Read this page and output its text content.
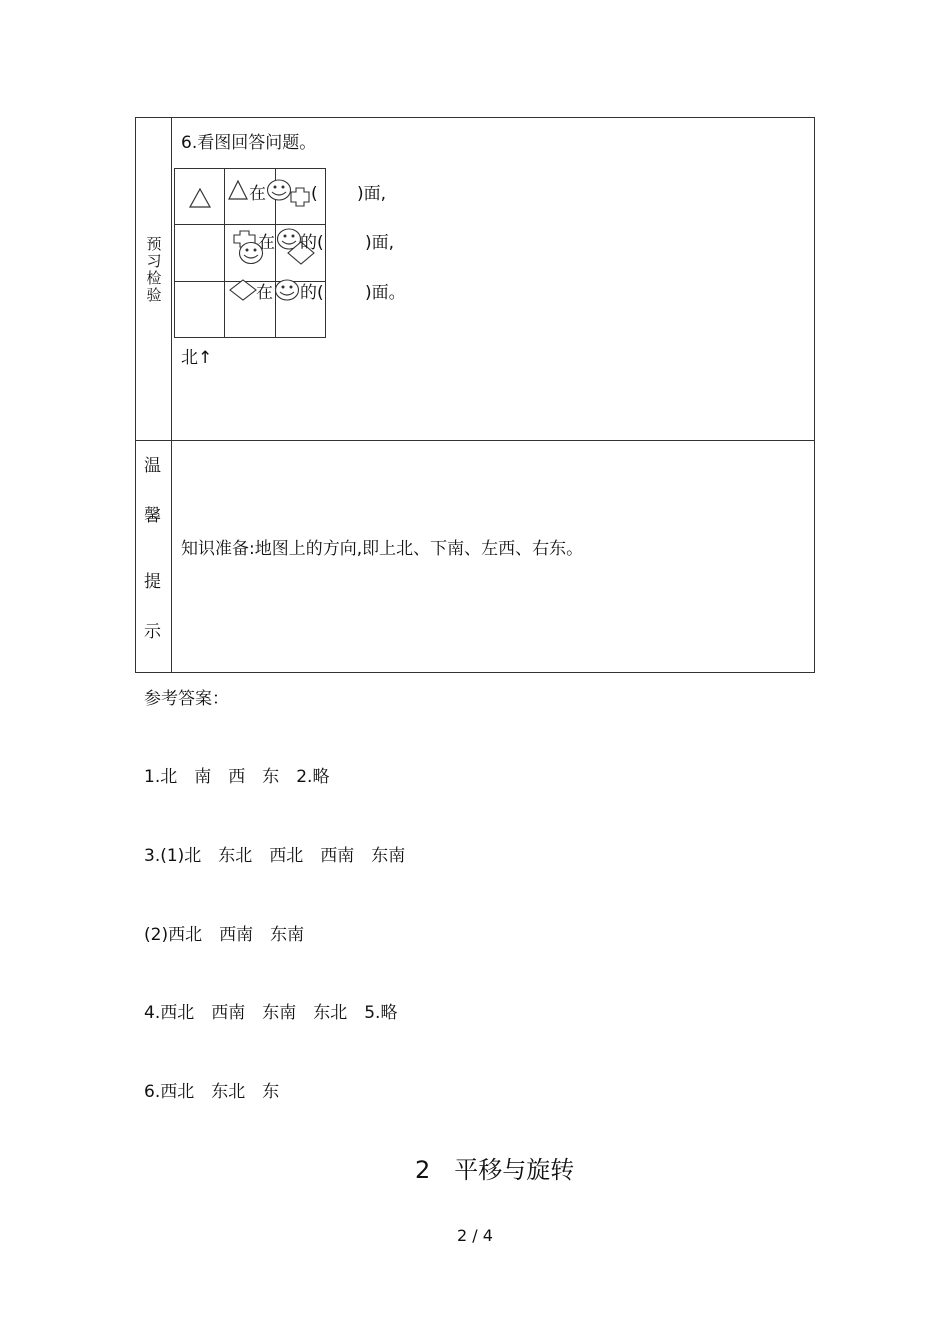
预
习
检
验
6.看图回答问题。
在	( )面,
在 的( )面,
在 的( )面。
北↑
温
馨
提
示
知识准备:地图上的方向,即上北、下南、左西、右东。
参考答案：
1.北　南　西　东　2.略
3.(1)北　东北　西北　西南　东南
(2)西北　西南　东南
4.西北　西南　东南　东北　5.略
6.西北　东北　东
2　平移与旋转
2 / 4
